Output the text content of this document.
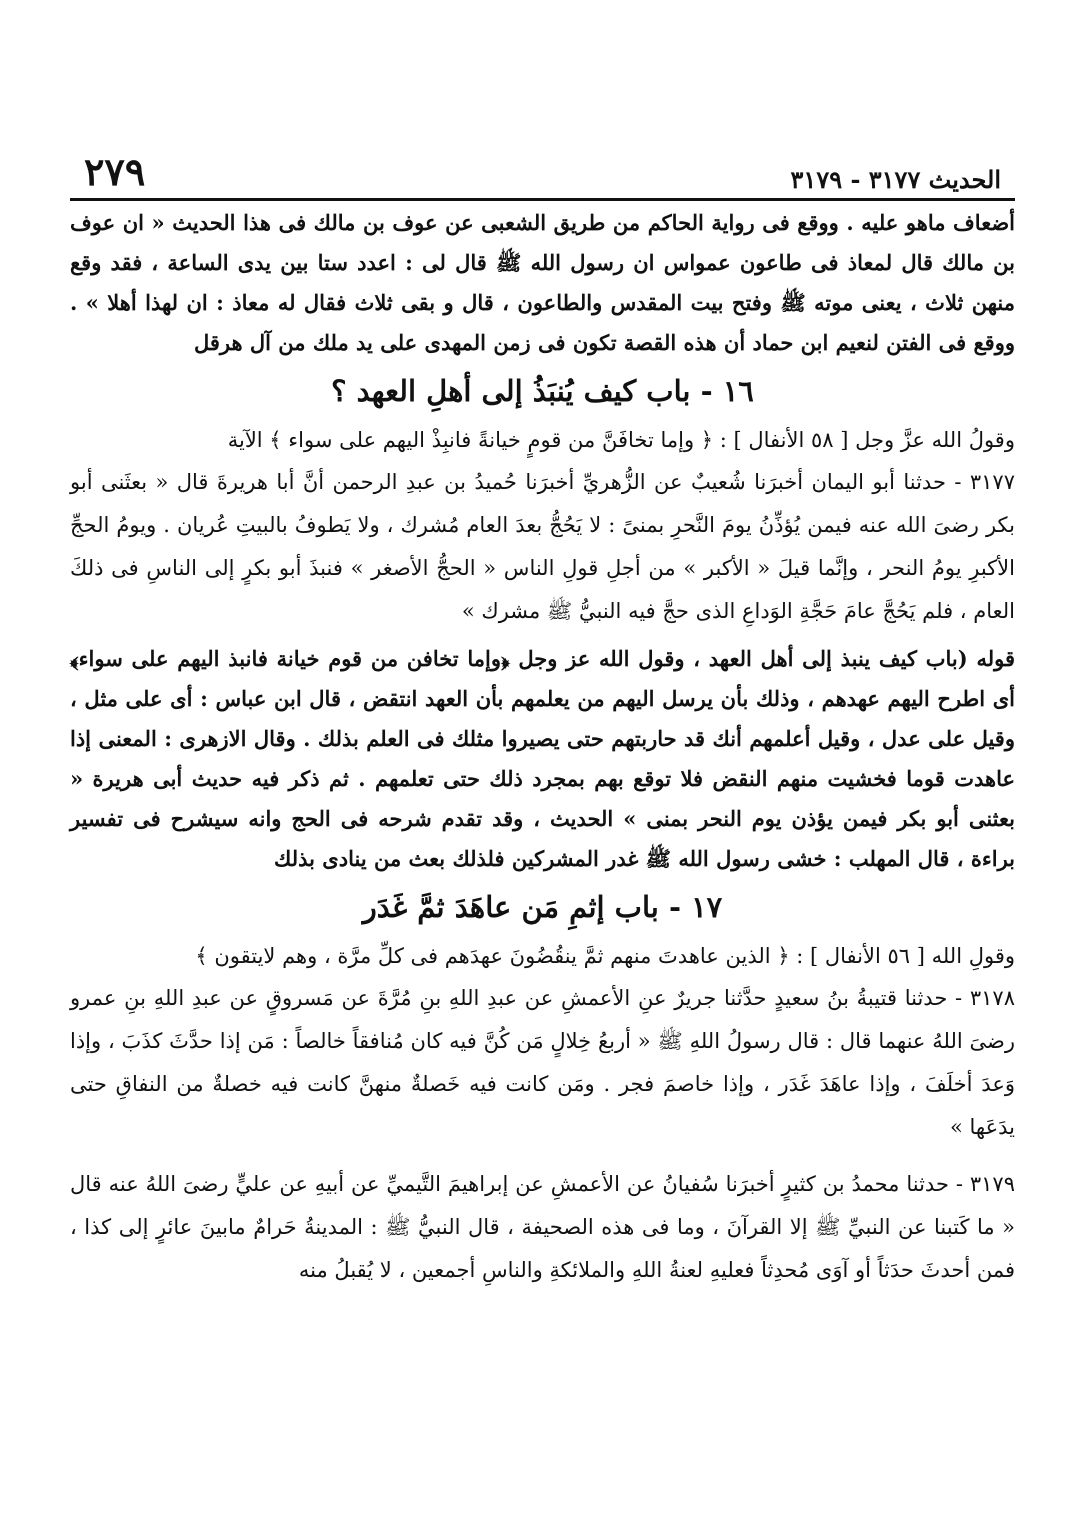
الحديث ٣١٧٧ - ٣١٧٩
٢٧٩

أضعاف ماهو عليه . ووقع فى رواية الحاكم من طريق الشعبى عن عوف بن مالك فى هذا الحديث « ان عوف بن مالك قال لمعاذ فى طاعون عمواس ان رسول الله ﷺ قال لى : اعدد ستا بين يدى الساعة ، فقد وقع منهن ثلاث ، يعنى موته ﷺ وفتح بيت المقدس والطاعون ، قال و بقى ثلاث فقال له معاذ : ان لهذا أهلا » . ووقع فى الفتن لنعيم ابن حماد أن هذه القصة تكون فى زمن المهدى على يد ملك من آل هرقل

١٦ - باب كيف يُنبَذُ إلى أهلِ العهد ؟

وقولُ الله عزَّ وجل [ ٥٨ الأنفال ] : ﴿ وإما تخافَنَّ من قومٍ خيانةً فانبِذْ اليهم على سواء ﴾ الآية

٣١٧٧ - حدثنا أبو اليمان أخبرَنا شُعيبٌ عن الزُّهريِّ أخبرَنا حُميدُ بن عبدِ الرحمن أنَّ أبا هريرةَ قال « بعثَنى أبو بكر رضىَ الله عنه فيمن يُؤذِّنُ يومَ النَّحرِ بمنىً : لا يَحُجُّ بعدَ العام مُشرك ، ولا يَطوفُ بالبيتِ عُريان . ويومُ الحجِّ الأكبرِ يومُ النحر ، وإنَّما قيلَ « الأكبر » من أجلِ قولِ الناس « الحجُّ الأصغر » فنبذَ أبو بكرٍ إلى الناسِ فى ذلكَ العام ، فلم يَحُجَّ عامَ حَجَّةِ الوَداعِ الذى حجَّ فيه النبيُّ ﷺ مشرك »

قوله (باب كيف ينبذ إلى أهل العهد ، وقول الله عز وجل ﴿وإما تخافن من قوم خيانة فانبذ اليهم على سواء﴾ أى اطرح اليهم عهدهم ، وذلك بأن يرسل اليهم من يعلمهم بأن العهد انتقض ، قال ابن عباس : أى على مثل ، وقيل على عدل ، وقيل أعلمهم أنك قد حاربتهم حتى يصيروا مثلك فى العلم بذلك . وقال الازهرى : المعنى إذا عاهدت قوما فخشيت منهم النقض فلا توقع بهم بمجرد ذلك حتى تعلمهم . ثم ذكر فيه حديث أبى هريرة « بعثنى أبو بكر فيمن يؤذن يوم النحر بمنى » الحديث ، وقد تقدم شرحه فى الحج وانه سيشرح فى تفسير براءة ، قال المهلب : خشى رسول الله ﷺ غدر المشركين فلذلك بعث من ينادى بذلك

١٧ - باب إثمِ مَن عاهَدَ ثمَّ غَدَر

وقولِ الله [ ٥٦ الأنفال ] : ﴿ الذين عاهدتَ منهم ثمَّ ينقُضُونَ عهدَهم فى كلِّ مرَّة ، وهم لايتقون ﴾

٣١٧٨ - حدثنا قتيبةُ بنُ سعيدٍ حدَّثنا جريرٌ عنِ الأعمشِ عن عبدِ اللهِ بنِ مُرَّةَ عن مَسروقٍ عن عبدِ اللهِ بنِ عمرو رضىَ اللهُ عنهما قال : قال رسولُ اللهِ ﷺ « أربعُ خِلالٍ مَن كُنَّ فيه كان مُنافقاً خالصاً : مَن إذا حدَّثَ كذَبَ ، وإذا وَعدَ أخلَفَ ، وإذا عاهَدَ غَدَر ، وإذا خاصمَ فجر . ومَن كانت فيه خَصلةٌ منهنَّ كانت فيه خصلةٌ من النفاقِ حتى يدَعَها »

٣١٧٩ - حدثنا محمدُ بن كثيرٍ أخبرَنا سُفيانُ عن الأعمشِ عن إبراهيمَ التَّيميِّ عن أبيهِ عن عليٍّ رضىَ اللهُ عنه قال « ما كَتبنا عن النبيِّ ﷺ إلا القرآنَ ، وما فى هذه الصحيفة ، قال النبيُّ ﷺ : المدينةُ حَرامٌ مابينَ عائرٍ إلى كذا ، فمن أحدثَ حدَثاً أو آوَى مُحدِثاً فعليهِ لعنةُ اللهِ والملائكةِ والناسِ أجمعين ، لا يُقبلُ منه
